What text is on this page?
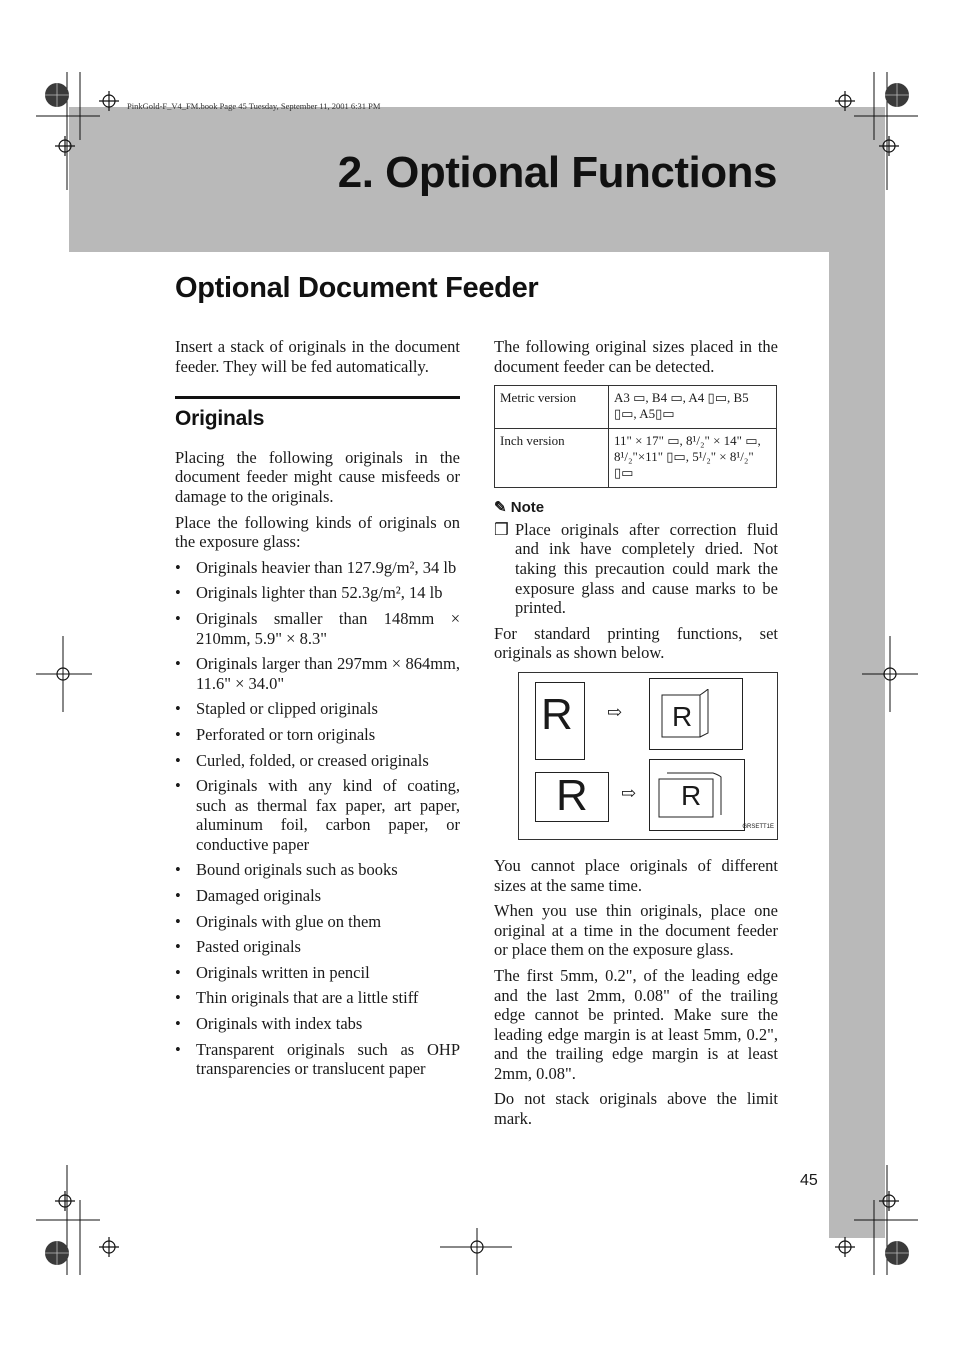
PinkGold-F_V4_FM.book Page 45 Tuesday, September 11, 2001 6:31 PM
2. Optional Functions
Optional Document Feeder

Insert a stack of originals in the document feeder. They will be fed automatically.

Originals

Placing the following originals in the document feeder might cause misfeeds or damage to the originals.

Place the following kinds of originals on the exposure glass:

• Originals heavier than 127.9g/m², 34 lb
• Originals lighter than 52.3g/m², 14 lb
• Originals smaller than 148mm × 210mm, 5.9" × 8.3"
• Originals larger than 297mm × 864mm, 11.6" × 34.0"
• Stapled or clipped originals
• Perforated or torn originals
• Curled, folded, or creased originals
• Originals with any kind of coating, such as thermal fax paper, art paper, aluminum foil, carbon paper, or conductive paper
• Bound originals such as books
• Damaged originals
• Originals with glue on them
• Pasted originals
• Originals written in pencil
• Thin originals that are a little stiff
• Originals with index tabs
• Transparent originals such as OHP transparencies or translucent paper

The following original sizes placed in the document feeder can be detected.

Metric version	A3 ▭, B4 ▭, A4 ▯▭, B5 ▯▭, A5▯▭
Inch version	11" × 17" ▭, 8¹/₂" × 14" ▭, 8¹/₂"×11" ▯▭, 5¹/₂" × 8¹/₂" ▯▭
✎ Note
❒ Place originals after correction fluid and ink have completely dried. Not taking this precaution could mark the exposure glass and cause marks to be printed.

For standard printing functions, set originals as shown below.

R ⇨ R
R ⇨ R
GRSETT1E

You cannot place originals of different sizes at the same time.

When you use thin originals, place one original at a time in the document feeder or place them on the exposure glass.

The first 5mm, 0.2", of the leading edge and the last 2mm, 0.08" of the trailing edge cannot be printed. Make sure the leading edge margin is at least 5mm, 0.2", and the trailing edge margin is at least 2mm, 0.08".

Do not stack originals above the limit mark.

45
